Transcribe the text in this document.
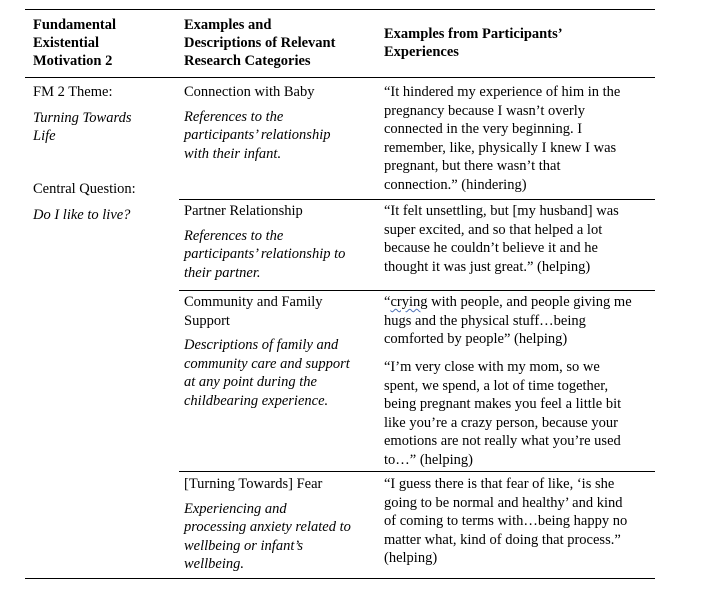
Fundamental
Existential
Motivation 2
Examples and
Descriptions of Relevant
Research Categories
Examples from Participants’
Experiences
FM 2 Theme:
Turning Towards
Life
Central Question:
Do I like to live?
Connection with Baby
References to the
participants’ relationship
with their infant.
“It hindered my experience of him in the
pregnancy because I wasn’t overly
connected in the very beginning. I
remember, like, physically I knew I was
pregnant, but there wasn’t that
connection.” (hindering)
Partner Relationship
References to the
participants’ relationship to
their partner.
“It felt unsettling, but [my husband] was
super excited, and so that helped a lot
because he couldn’t believe it and he
thought it was just great.” (helping)
Community and Family
Support
Descriptions of family and
community care and support
at any point during the
childbearing experience.
“crying with people, and people giving me
hugs and the physical stuff…being
comforted by people” (helping)
“I’m very close with my mom, so we
spent, we spend, a lot of time together,
being pregnant makes you feel a little bit
like you’re a crazy person, because your
emotions are not really what you’re used
to…” (helping)
[Turning Towards] Fear
Experiencing and
processing anxiety related to
wellbeing or infant’s
wellbeing.
“I guess there is that fear of like, ‘is she
going to be normal and healthy’ and kind
of coming to terms with…being happy no
matter what, kind of doing that process.”
(helping)
